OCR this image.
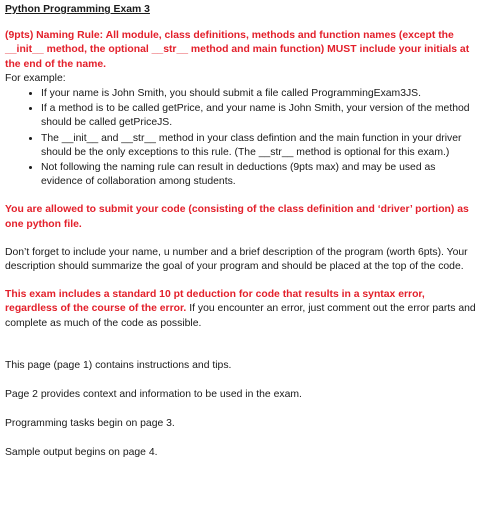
Python Programming Exam 3

(9pts) Naming Rule: All module, class definitions, methods and function names (except the __init__ method, the optional __str__ method and main function) MUST include your initials at the end of the name.

For example:

• If your name is John Smith, you should submit a file called ProgrammingExam3JS.
• If a method is to be called getPrice, and your name is John Smith, your version of the method should be called getPriceJS.
• The __init__ and __str__ method in your class defintion and the main function in your driver should be the only exceptions to this rule. (The __str__ method is optional for this exam.)
• Not following the naming rule can result in deductions (9pts max) and may be used as evidence of collaboration among students.

You are allowed to submit your code (consisting of the class definition and ‘driver’ portion) as one python file.

Don’t forget to include your name, u number and a brief description of the program (worth 6pts). Your description should summarize the goal of your program and should be placed at the top of the code.

This exam includes a standard 10 pt deduction for code that results in a syntax error, regardless of the course of the error. If you encounter an error, just comment out the error parts and complete as much of the code as possible.

This page (page 1) contains instructions and tips.

Page 2 provides context and information to be used in the exam.

Programming tasks begin on page 3.

Sample output begins on page 4.
